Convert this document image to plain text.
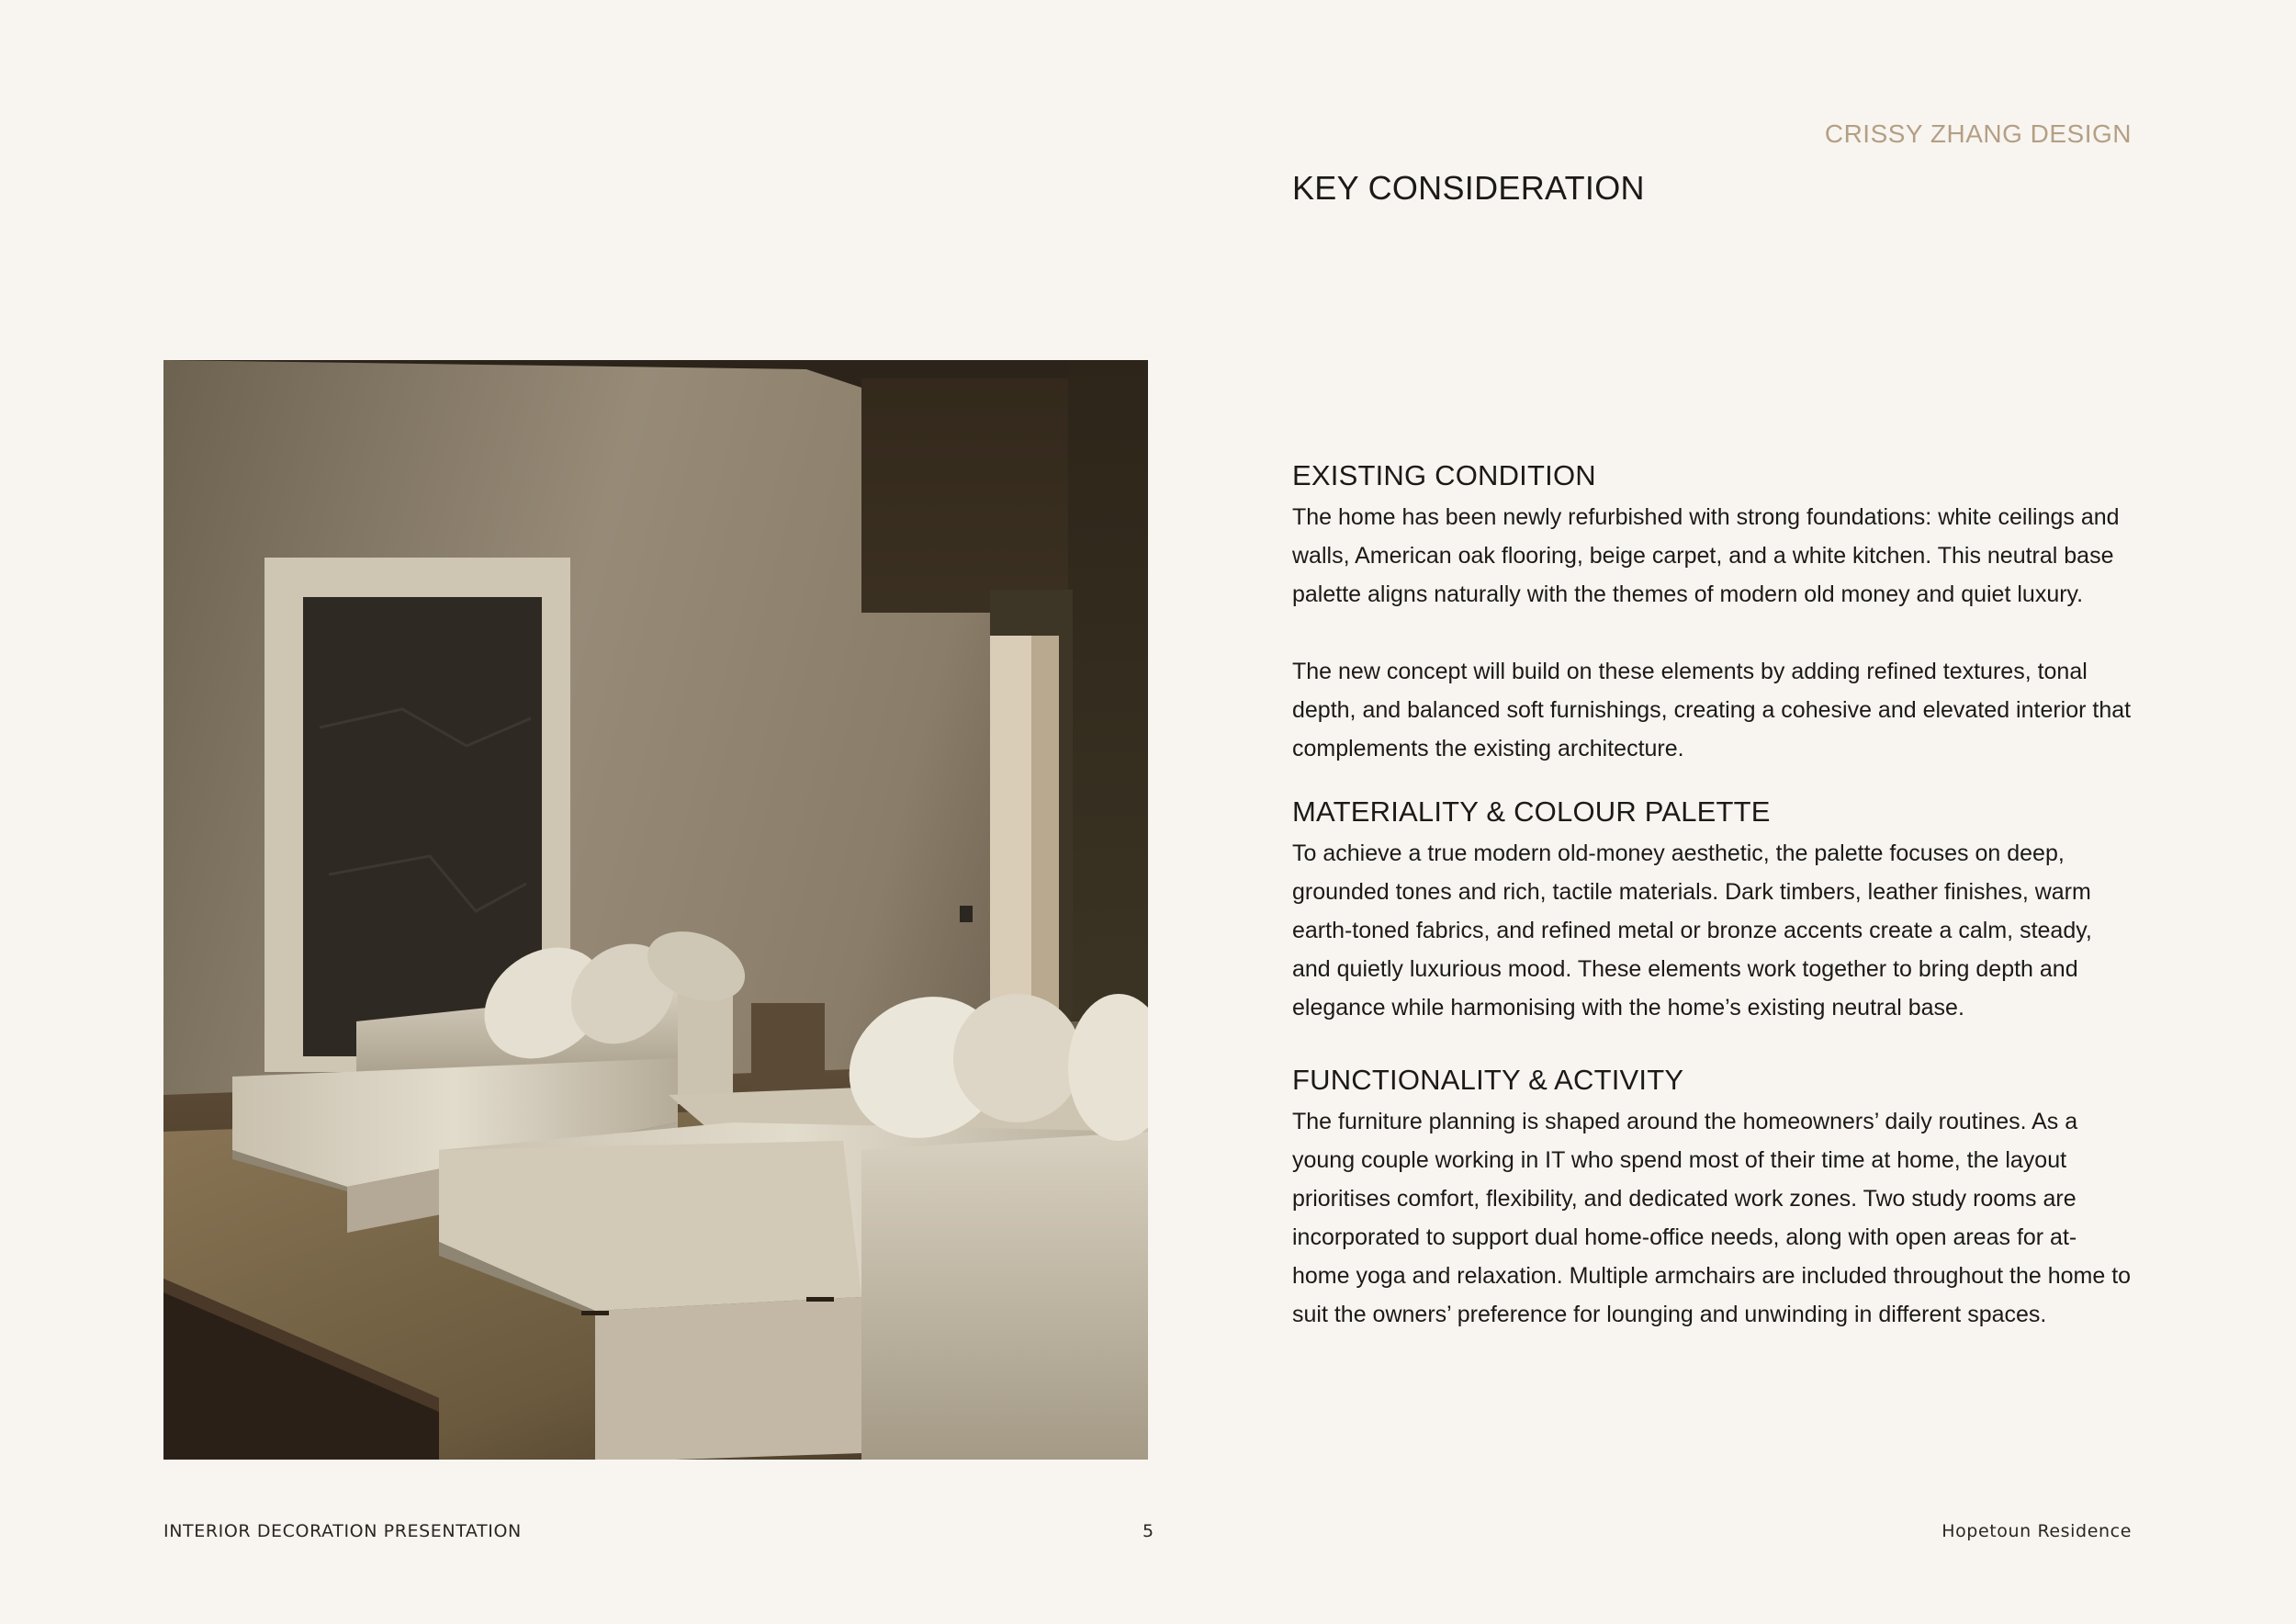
CRISSY ZHANG DESIGN
KEY CONSIDERATION
EXISTING CONDITION

The home has been newly refurbished with strong foundations: white ceilings and walls, American oak flooring, beige carpet, and a white kitchen. This neutral base palette aligns naturally with the themes of modern old money and quiet luxury.

The new concept will build on these elements by adding refined textures, tonal depth, and balanced soft furnishings, creating a cohesive and elevated interior that complements the existing architecture.

MATERIALITY & COLOUR PALETTE

To achieve a true modern old-money aesthetic, the palette focuses on deep, grounded tones and rich, tactile materials. Dark timbers, leather finishes, warm earth-toned fabrics, and refined metal or bronze accents create a calm, steady, and quietly luxurious mood. These elements work together to bring depth and elegance while harmonising with the home’s existing neutral base.

FUNCTIONALITY & ACTIVITY

The furniture planning is shaped around the homeowners’ daily routines. As a young couple working in IT who spend most of their time at home, the layout prioritises comfort, flexibility, and dedicated work zones. Two study rooms are incorporated to support dual home-office needs, along with open areas for at-home yoga and relaxation. Multiple armchairs are included throughout the home to suit the owners’ preference for lounging and unwinding in different spaces.

INTERIOR DECORATION PRESENTATION	5	Hopetoun Residence
